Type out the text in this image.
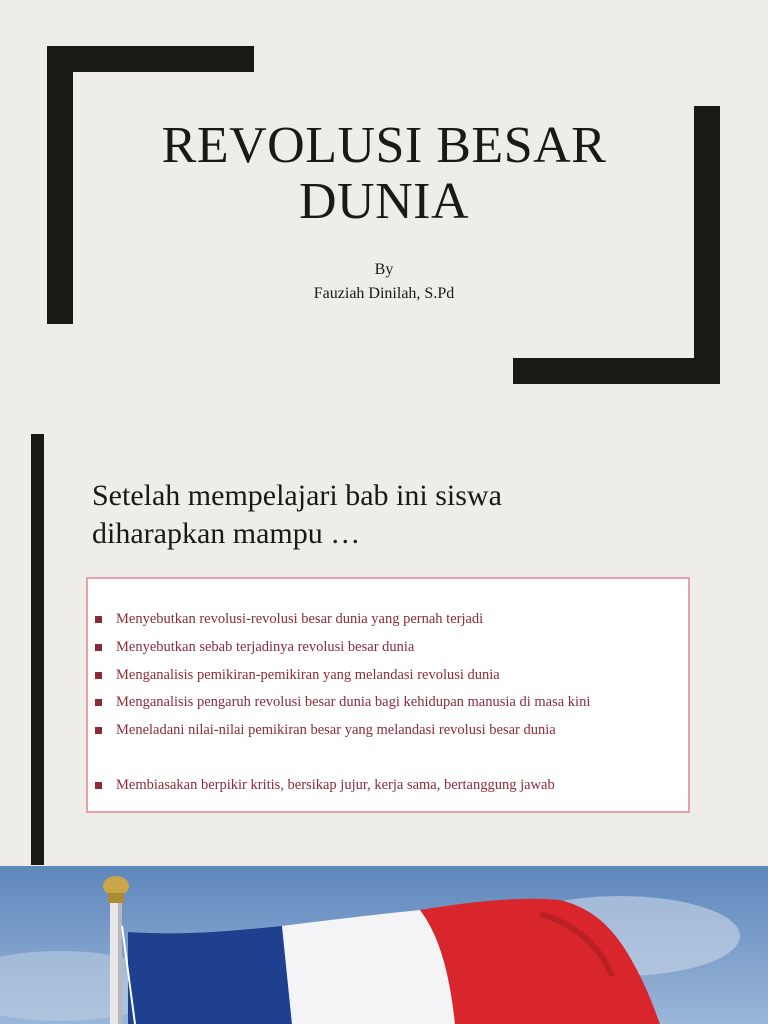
REVOLUSI BESAR
DUNIA
By
Fauziah Dinilah, S.Pd
Setelah mempelajari bab ini siswa
diharapkan mampu …
Menyebutkan revolusi-revolusi besar dunia yang pernah terjadi
Menyebutkan sebab terjadinya revolusi besar dunia
Menganalisis pemikiran-pemikiran yang melandasi revolusi dunia
Menganalisis pengaruh revolusi besar dunia bagi kehidupan manusia di masa kini
Meneladani nilai-nilai pemikiran besar yang melandasi revolusi besar dunia
Membiasakan berpikir kritis, bersikap jujur, kerja sama, bertanggung jawab
